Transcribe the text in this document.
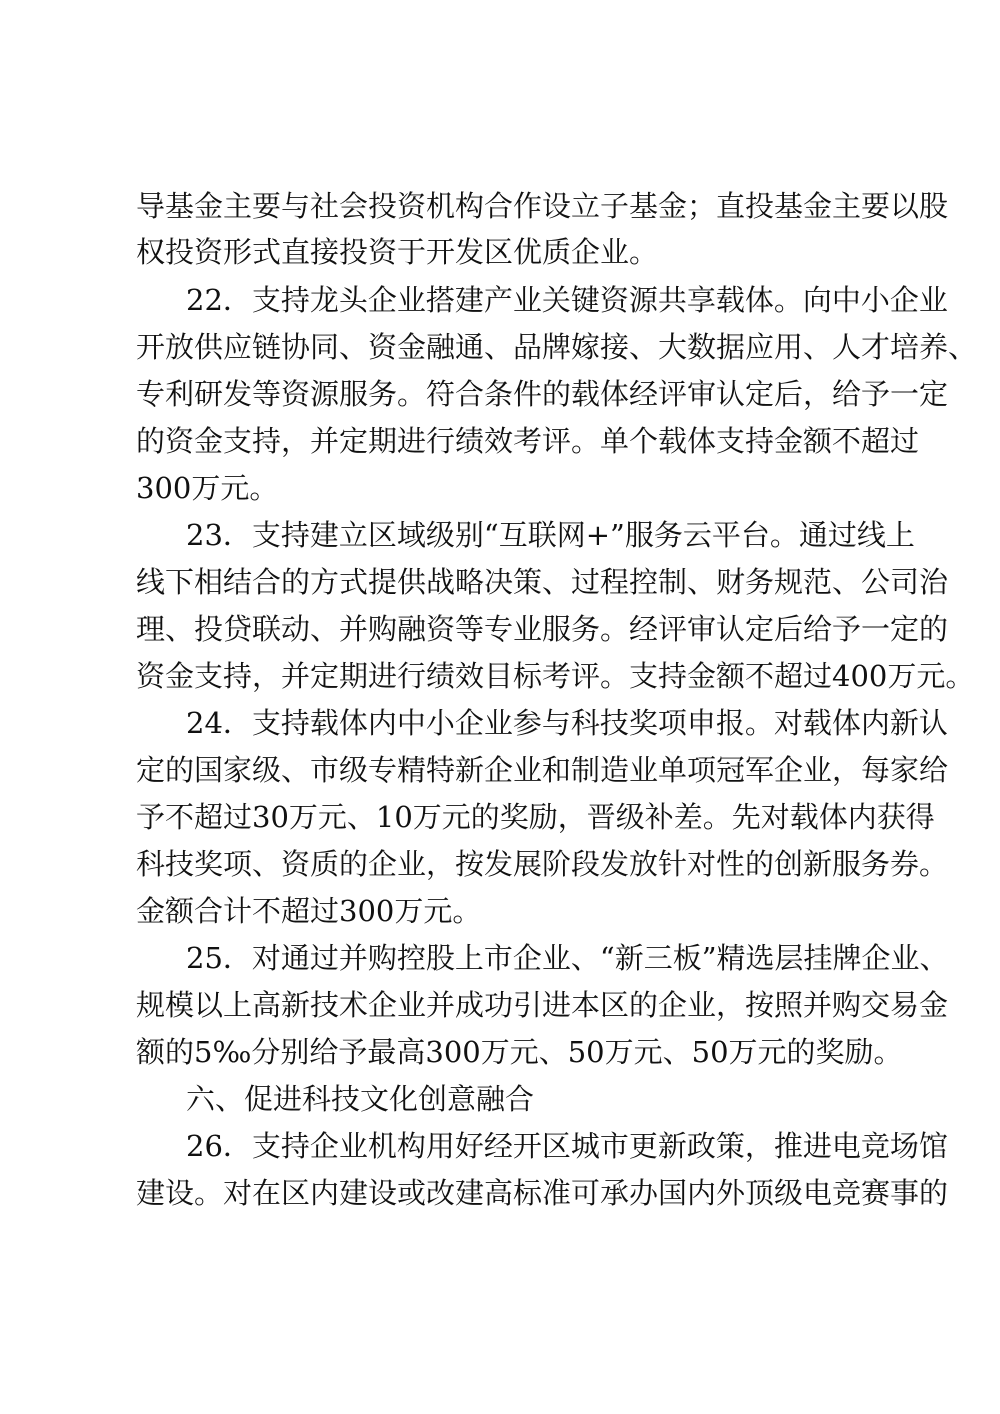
导基金主要与社会投资机构合作设立子基金；直投基金主要以股
权投资形式直接投资于开发区优质企业。
22．支持龙头企业搭建产业关键资源共享载体。向中小企业
开放供应链协同、资金融通、品牌嫁接、大数据应用、人才培养、
专利研发等资源服务。符合条件的载体经评审认定后，给予一定
的资金支持，并定期进行绩效考评。单个载体支持金额不超过
300万元。
23．支持建立区域级别“互联网+”服务云平台。通过线上
线下相结合的方式提供战略决策、过程控制、财务规范、公司治
理、投贷联动、并购融资等专业服务。经评审认定后给予一定的
资金支持，并定期进行绩效目标考评。支持金额不超过400万元。
24．支持载体内中小企业参与科技奖项申报。对载体内新认
定的国家级、市级专精特新企业和制造业单项冠军企业，每家给
予不超过30万元、10万元的奖励，晋级补差。先对载体内获得
科技奖项、资质的企业，按发展阶段发放针对性的创新服务券。
金额合计不超过300万元。
25．对通过并购控股上市企业、“新三板”精选层挂牌企业、
规模以上高新技术企业并成功引进本区的企业，按照并购交易金
额的5‰分别给予最高300万元、50万元、50万元的奖励。
六、促进科技文化创意融合
26．支持企业机构用好经开区城市更新政策，推进电竞场馆
建设。对在区内建设或改建高标准可承办国内外顶级电竞赛事的
